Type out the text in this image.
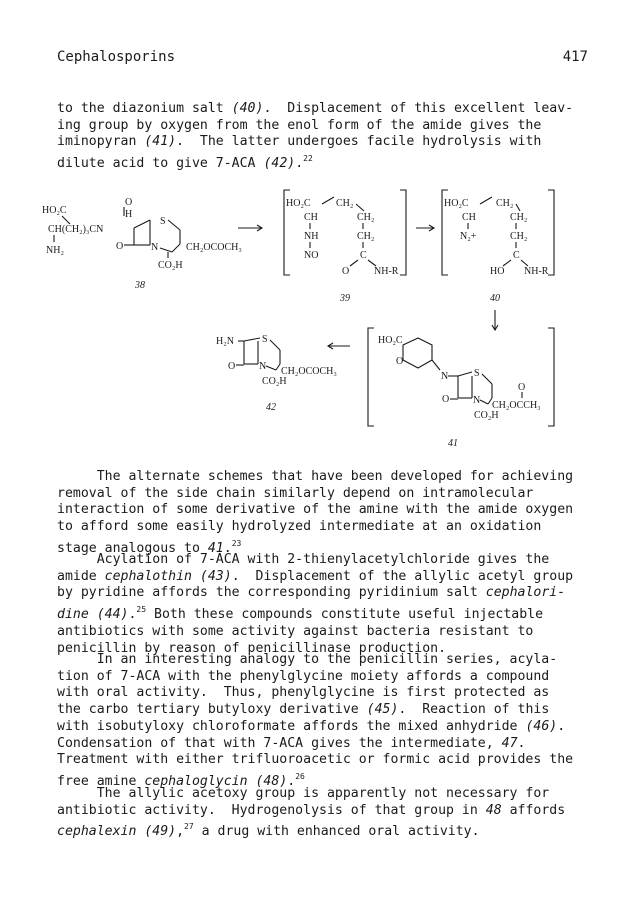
Cephalosporins	417
to the diazonium salt (40).  Displacement of this excellent leav-
ing group by oxygen from the enol form of the amide gives the
iminopyran (41).  The latter undergoes facile hydrolysis with
dilute acid to give 7-ACA (42).$^{22}$
HO₂C
CH(CH₂)₃CN
O
H
NH₂
S
O	N	CH₂OCOCH₃
CO₂H
38
HO₂C	CH₂
CH	CH₂
NH	CH₂
NO	C
O NH-R
39
HO₂C	CH₂
CH	CH₂
N₂+	CH₂
C
HO NH-R
40
H₂N	S
O N CH₂OCOCH₃
CO₂H
42
HO₂C
O
N	S
O N
O
CH₂OCCH₃
CO₂H
41
The alternate schemes that have been developed for achieving
removal of the side chain similarly depend on intramolecular
interaction of some derivative of the amine with the amide oxygen
to afford some easily hydrolyzed intermediate at an oxidation
stage analogous to 41.23
Acylation of 7-ACA with 2-thienylacetylchloride gives the
amide cephalothin (43).  Displacement of the allylic acetyl group
by pyridine affords the corresponding pyridinium salt cephalori-
dine (44).$^{25}$ Both these compounds constitute useful injectable
antibiotics with some activity against bacteria resistant to
penicillin by reason of penicillinase production.
In an interesting analogy to the penicillin series, acyla-
tion of 7-ACA with the phenylglycine moiety affords a compound
with oral activity.  Thus, phenylglycine is first protected as
the carbo tertiary butyloxy derivative (45).  Reaction of this
with isobutyloxy chloroformate affords the mixed anhydride (46).
Condensation of that with 7-ACA gives the intermediate, 47.
Treatment with either trifluoroacetic or formic acid provides the
free amine cephaloglycin (48).$^{26}$
The allylic acetoxy group is apparently not necessary for
antibiotic activity.  Hydrogenolysis of that group in 48 affords
cephalexin (49),$^{27}$ a drug with enhanced oral activity.
